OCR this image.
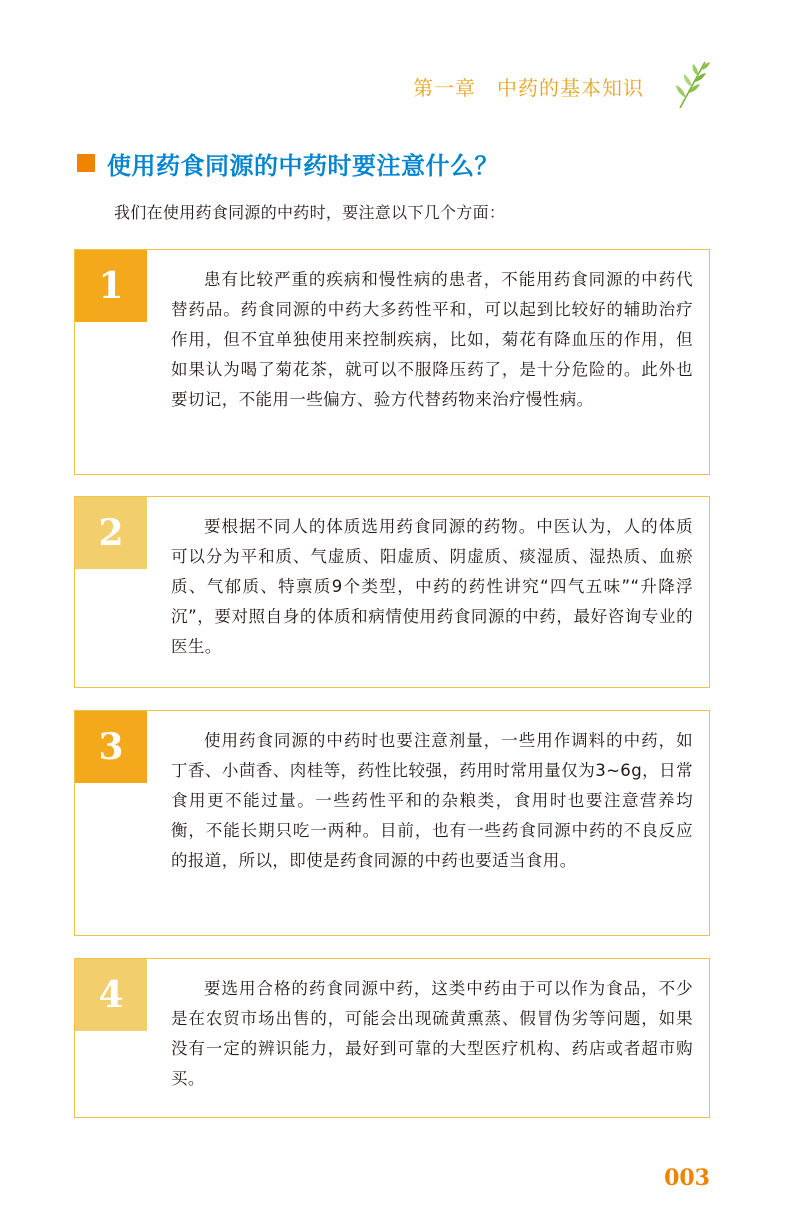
第一章　中药的基本知识
使用药食同源的中药时要注意什么？
我们在使用药食同源的中药时，要注意以下几个方面：
1	患有比较严重的疾病和慢性病的患者，不能用药食同源的中药代替药品。药食同源的中药大多药性平和，可以起到比较好的辅助治疗作用，但不宜单独使用来控制疾病，比如，菊花有降血压的作用，但如果认为喝了菊花茶，就可以不服降压药了，是十分危险的。此外也要切记，不能用一些偏方、验方代替药物来治疗慢性病。
2	要根据不同人的体质选用药食同源的药物。中医认为，人的体质可以分为平和质、气虚质、阳虚质、阴虚质、痰湿质、湿热质、血瘀质、气郁质、特禀质9个类型，中药的药性讲究“四气五味”“升降浮沉”，要对照自身的体质和病情使用药食同源的中药，最好咨询专业的医生。
3	使用药食同源的中药时也要注意剂量，一些用作调料的中药，如丁香、小茴香、肉桂等，药性比较强，药用时常用量仅为3~6g，日常食用更不能过量。一些药性平和的杂粮类，食用时也要注意营养均衡，不能长期只吃一两种。目前，也有一些药食同源中药的不良反应的报道，所以，即使是药食同源的中药也要适当食用。
4	要选用合格的药食同源中药，这类中药由于可以作为食品，不少是在农贸市场出售的，可能会出现硫黄熏蒸、假冒伪劣等问题，如果没有一定的辨识能力，最好到可靠的大型医疗机构、药店或者超市购买。
003
